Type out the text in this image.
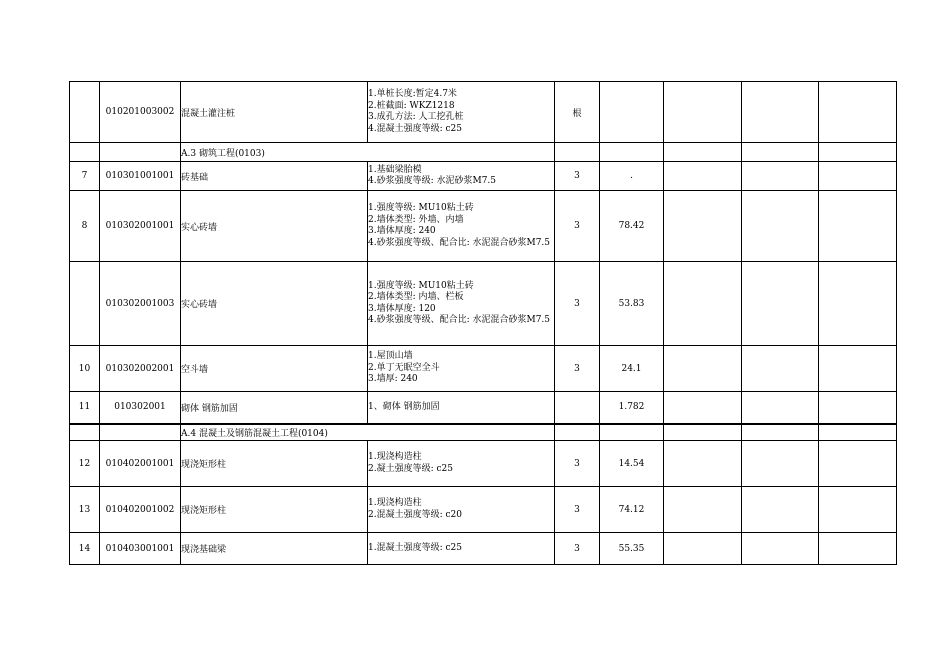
	010201003002	混凝土灌注桩	1.单桩长度:暂定4.7米
2.桩截面: WKZ1218
3.成孔方法: 人工挖孔桩
4.混凝土强度等级: c25	根				
		A.3 砌筑工程(0103)						
7	010301001001	砖基础	1.基础梁胎模
4.砂浆强度等级: 水泥砂浆M7.5	3	.			
8	010302001001	实心砖墙	1.强度等级: MU10粘土砖
2.墙体类型: 外墙、内墙
3.墙体厚度: 240
4.砂浆强度等级、配合比: 水泥混合砂浆M7.5	3	78.42			
	010302001003	实心砖墙	1.强度等级: MU10粘土砖
2.墙体类型: 内墙、栏板
3.墙体厚度: 120
4.砂浆强度等级、配合比: 水泥混合砂浆M7.5	3	53.83			
10	010302002001	空斗墙	1.屋顶山墙
2.单丁无眠空全斗
3.墙厚: 240	3	24.1			
11	010302001	砌体 钢筋加固	1、砌体 钢筋加固		1.782			
		A.4 混凝土及钢筋混凝土工程(0104)						
12	010402001001	现浇矩形柱	1.现浇构造柱
2.凝土强度等级: c25	3	14.54			
13	010402001002	现浇矩形柱	1.现浇构造柱
2.混凝土强度等级: c20	3	74.12			
14	010403001001	现浇基础梁	1.混凝土强度等级: c25	3	55.35			
